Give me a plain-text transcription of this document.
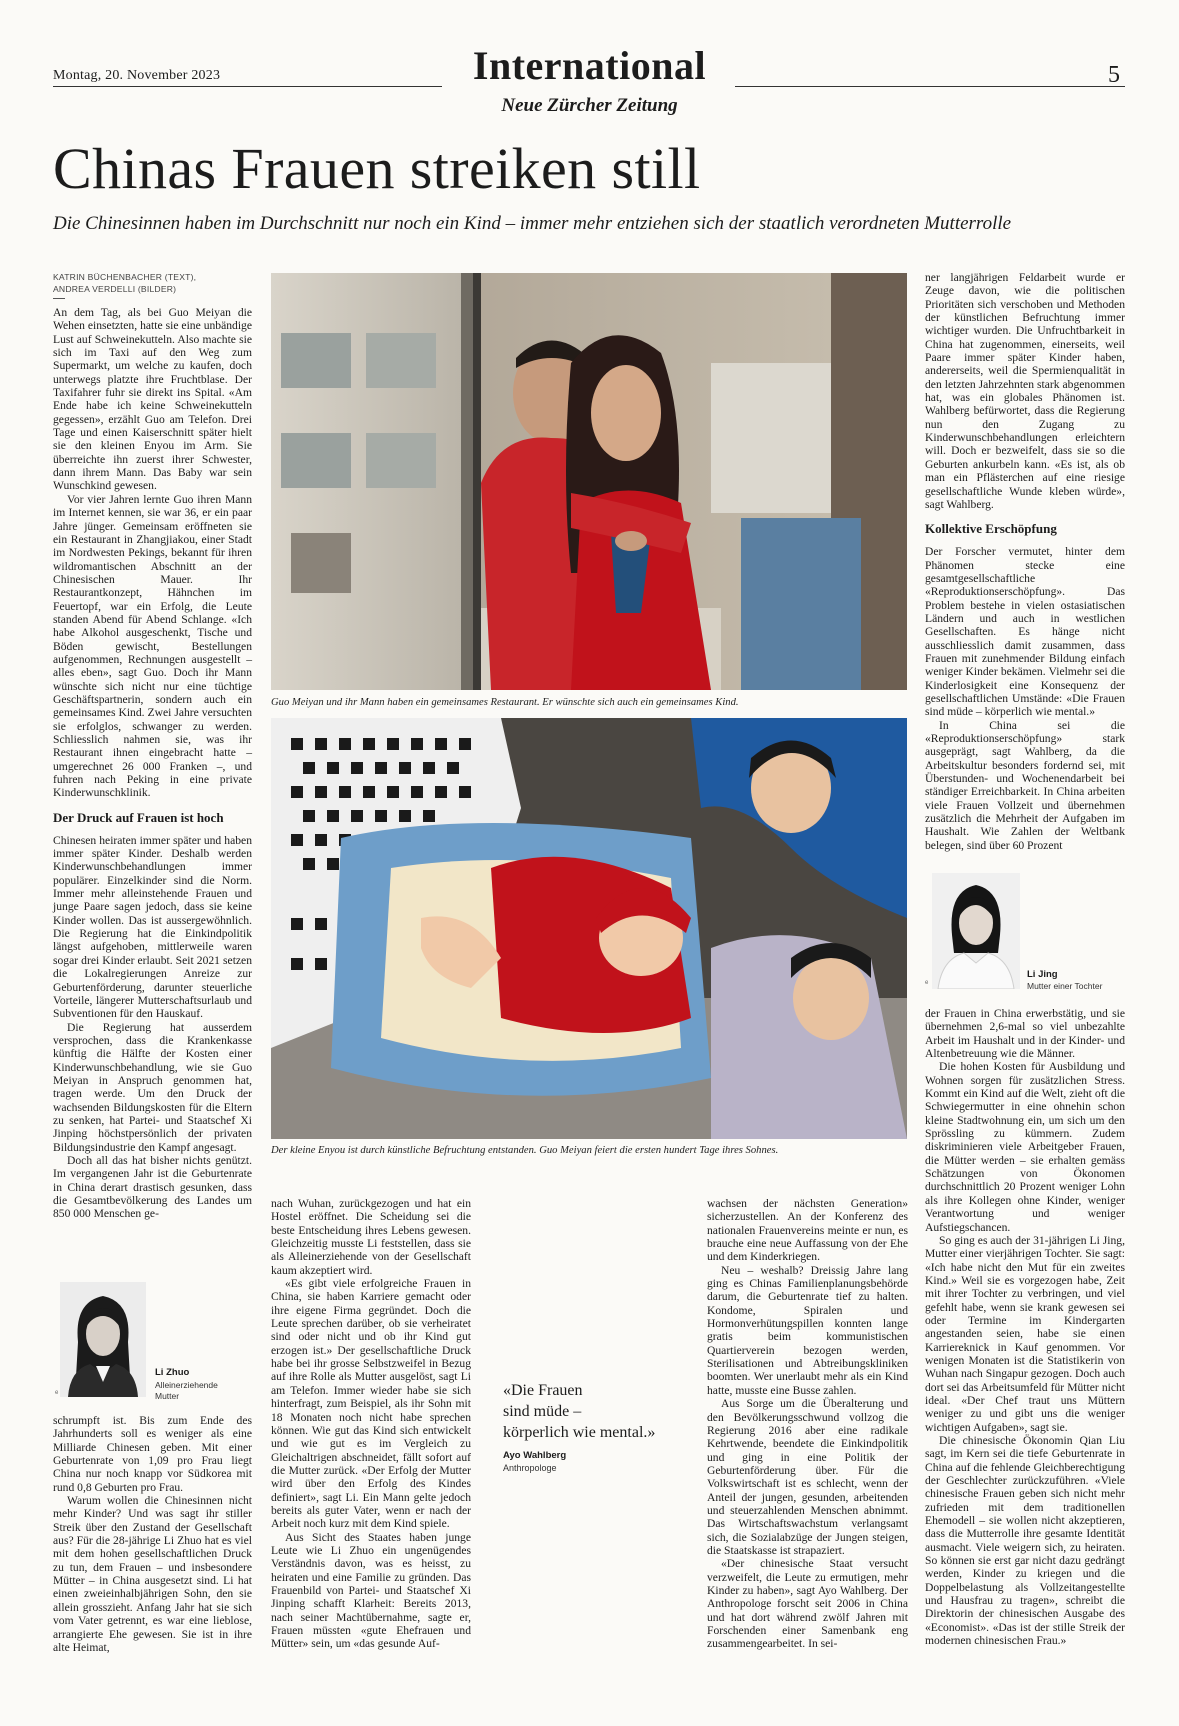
Montag, 20. November 2023	International
Neue Zürcher Zeitung
5
Chinas Frauen streiken still
Die Chinesinnen haben im Durchschnitt nur noch ein Kind – immer mehr entziehen sich der staatlich verordneten Mutterrolle
KATRIN BÜCHENBACHER (TEXT),
ANDREA VERDELLI (BILDER)

An dem Tag, als bei Guo Meiyan die Wehen einsetzten, hatte sie eine unbändige Lust auf Schweinekutteln. Also machte sie sich im Taxi auf den Weg zum Supermarkt, um welche zu kaufen, doch unterwegs platzte ihre Fruchtblase. Der Taxifahrer fuhr sie direkt ins Spital. «Am Ende habe ich keine Schweinekutteln gegessen», erzählt Guo am Telefon. Drei Tage und einen Kaiserschnitt später hielt sie den kleinen Enyou im Arm. Sie überreichte ihn zuerst ihrer Schwester, dann ihrem Mann. Das Baby war sein Wunschkind gewesen.

Vor vier Jahren lernte Guo ihren Mann im Internet kennen, sie war 36, er ein paar Jahre jünger. Gemeinsam eröffneten sie ein Restaurant in Zhangjiakou, einer Stadt im Nordwesten Pekings, bekannt für ihren wildromantischen Abschnitt an der Chinesischen Mauer. Ihr Restaurantkonzept, Hähnchen im Feuertopf, war ein Erfolg, die Leute standen Abend für Abend Schlange. «Ich habe Alkohol ausgeschenkt, Tische und Böden gewischt, Bestellungen aufgenommen, Rechnungen ausgestellt – alles eben», sagt Guo. Doch ihr Mann wünschte sich nicht nur eine tüchtige Geschäftspartnerin, sondern auch ein gemeinsames Kind. Zwei Jahre versuchten sie erfolglos, schwanger zu werden. Schliesslich nahmen sie, was ihr Restaurant ihnen eingebracht hatte – umgerechnet 26 000 Franken –, und fuhren nach Peking in eine private Kinderwunschklinik.

Der Druck auf Frauen ist hoch

Chinesen heiraten immer später und haben immer später Kinder. Deshalb werden Kinderwunschbehandlungen immer populärer. Einzelkinder sind die Norm. Immer mehr alleinstehende Frauen und junge Paare sagen jedoch, dass sie keine Kinder wollen. Das ist aussergewöhnlich. Die Regierung hat die Einkindpolitik längst aufgehoben, mittlerweile waren sogar drei Kinder erlaubt. Seit 2021 setzen die Lokalregierungen Anreize zur Geburtenförderung, darunter steuerliche Vorteile, längerer Mutterschaftsurlaub und Subventionen für den Hauskauf.

Die Regierung hat ausserdem versprochen, dass die Krankenkasse künftig die Hälfte der Kosten einer Kinderwunschbehandlung, wie sie Guo Meiyan in Anspruch genommen hat, tragen werde. Um den Druck der wachsenden Bildungskosten für die Eltern zu senken, hat Partei- und Staatschef Xi Jinping höchstpersönlich der privaten Bildungsindustrie den Kampf angesagt.

Doch all das hat bisher nichts genützt. Im vergangenen Jahr ist die Geburtenrate in China derart drastisch gesunken, dass die Gesamtbevölkerung des Landes um 850 000 Menschen ge-

e
Li Zhuo
Alleinerziehende
Mutter

schrumpft ist. Bis zum Ende des Jahrhunderts soll es weniger als eine Milliarde Chinesen geben. Mit einer Geburtenrate von 1,09 pro Frau liegt China nur noch knapp vor Südkorea mit rund 0,8 Geburten pro Frau.

Warum wollen die Chinesinnen nicht mehr Kinder? Und was sagt ihr stiller Streik über den Zustand der Gesellschaft aus? Für die 28-jährige Li Zhuo hat es viel mit dem hohen gesellschaftlichen Druck zu tun, dem Frauen – und insbesondere Mütter – in China ausgesetzt sind. Li hat einen zweieinhalbjährigen Sohn, den sie allein grosszieht. Anfang Jahr hat sie sich vom Vater getrennt, es war eine lieblose, arrangierte Ehe gewesen. Sie ist in ihre alte Heimat,

Guo Meiyan und ihr Mann haben ein gemeinsames Restaurant. Er wünschte sich auch ein gemeinsames Kind.
Der kleine Enyou ist durch künstliche Befruchtung entstanden. Guo Meiyan feiert die ersten hundert Tage ihres Sohnes.

nach Wuhan, zurückgezogen und hat ein Hostel eröffnet. Die Scheidung sei die beste Entscheidung ihres Lebens gewesen. Gleichzeitig musste Li feststellen, dass sie als Alleinerziehende von der Gesellschaft kaum akzeptiert wird.

«Es gibt viele erfolgreiche Frauen in China, sie haben Karriere gemacht oder ihre eigene Firma gegründet. Doch die Leute sprechen darüber, ob sie verheiratet sind oder nicht und ob ihr Kind gut erzogen ist.» Der gesellschaftliche Druck habe bei ihr grosse Selbstzweifel in Bezug auf ihre Rolle als Mutter ausgelöst, sagt Li am Telefon. Immer wieder habe sie sich hinterfragt, zum Beispiel, als ihr Sohn mit 18 Monaten noch nicht habe sprechen können. Wie gut das Kind sich entwickelt und wie gut es im Vergleich zu Gleichaltrigen abschneidet, fällt sofort auf die Mutter zurück. «Der Erfolg der Mutter wird über den Erfolg des Kindes definiert», sagt Li. Ein Mann gelte jedoch bereits als guter Vater, wenn er nach der Arbeit noch kurz mit dem Kind spiele.

Aus Sicht des Staates haben junge Leute wie Li Zhuo ein ungenügendes Verständnis davon, was es heisst, zu heiraten und eine Familie zu gründen. Das Frauenbild von Partei- und Staatschef Xi Jinping schafft Klarheit: Bereits 2013, nach seiner Machtübernahme, sagte er, Frauen müssten «gute Ehefrauen und Mütter» sein, um «das gesunde Auf-

«Die Frauen
sind müde –
körperlich wie mental.»
Ayo Wahlberg
Anthropologe

wachsen der nächsten Generation» sicherzustellen. An der Konferenz des nationalen Frauenvereins meinte er nun, es brauche eine neue Auffassung von der Ehe und dem Kinderkriegen.

Neu – weshalb? Dreissig Jahre lang ging es Chinas Familienplanungsbehörde darum, die Geburtenrate tief zu halten. Kondome, Spiralen und Hormonverhütungspillen konnten lange gratis beim kommunistischen Quartierverein bezogen werden, Sterilisationen und Abtreibungskliniken boomten. Wer unerlaubt mehr als ein Kind hatte, musste eine Busse zahlen.

Aus Sorge um die Überalterung und den Bevölkerungsschwund vollzog die Regierung 2016 aber eine radikale Kehrtwende, beendete die Einkindpolitik und ging in eine Politik der Geburtenförderung über. Für die Volkswirtschaft ist es schlecht, wenn der Anteil der jungen, gesunden, arbeitenden und steuerzahlenden Menschen abnimmt. Das Wirtschaftswachstum verlangsamt sich, die Sozialabzüge der Jungen steigen, die Staatskasse ist strapaziert.

«Der chinesische Staat versucht verzweifelt, die Leute zu ermutigen, mehr Kinder zu haben», sagt Ayo Wahlberg. Der Anthropologe forscht seit 2006 in China und hat dort während zwölf Jahren mit Forschenden einer Samenbank eng zusammengearbeitet. In sei-

ner langjährigen Feldarbeit wurde er Zeuge davon, wie die politischen Prioritäten sich verschoben und Methoden der künstlichen Befruchtung immer wichtiger wurden. Die Unfruchtbarkeit in China hat zugenommen, einerseits, weil Paare immer später Kinder haben, andererseits, weil die Spermienqualität in den letzten Jahrzehnten stark abgenommen hat, was ein globales Phänomen ist. Wahlberg befürwortet, dass die Regierung nun den Zugang zu Kinderwunschbehandlungen erleichtern will. Doch er bezweifelt, dass sie so die Geburten ankurbeln kann. «Es ist, als ob man ein Pflästerchen auf eine riesige gesellschaftliche Wunde kleben würde», sagt Wahlberg.

Kollektive Erschöpfung

Der Forscher vermutet, hinter dem Phänomen stecke eine gesamtgesellschaftliche «Reproduktionserschöpfung». Das Problem bestehe in vielen ostasiatischen Ländern und auch in westlichen Gesellschaften. Es hänge nicht ausschliesslich damit zusammen, dass Frauen mit zunehmender Bildung einfach weniger Kinder bekämen. Vielmehr sei die Kinderlosigkeit eine Konsequenz der gesellschaftlichen Umstände: «Die Frauen sind müde – körperlich wie mental.»

In China sei die «Reproduktionserschöpfung» stark ausgeprägt, sagt Wahlberg, da die Arbeitskultur besonders fordernd sei, mit Überstunden- und Wochenendarbeit bei ständiger Erreichbarkeit. In China arbeiten viele Frauen Vollzeit und übernehmen zusätzlich die Mehrheit der Aufgaben im Haushalt. Wie Zahlen der Weltbank belegen, sind über 60 Prozent

e
Li Jing
Mutter einer Tochter

der Frauen in China erwerbstätig, und sie übernehmen 2,6-mal so viel unbezahlte Arbeit im Haushalt und in der Kinder- und Altenbetreuung wie die Männer.

Die hohen Kosten für Ausbildung und Wohnen sorgen für zusätzlichen Stress. Kommt ein Kind auf die Welt, zieht oft die Schwiegermutter in eine ohnehin schon kleine Stadtwohnung ein, um sich um den Sprössling zu kümmern. Zudem diskriminieren viele Arbeitgeber Frauen, die Mütter werden – sie erhalten gemäss Schätzungen von Ökonomen durchschnittlich 20 Prozent weniger Lohn als ihre Kollegen ohne Kinder, weniger Verantwortung und weniger Aufstiegschancen.

So ging es auch der 31-jährigen Li Jing, Mutter einer vierjährigen Tochter. Sie sagt: «Ich habe nicht den Mut für ein zweites Kind.» Weil sie es vorgezogen habe, Zeit mit ihrer Tochter zu verbringen, und viel gefehlt habe, wenn sie krank gewesen sei oder Termine im Kindergarten angestanden seien, habe sie einen Karriereknick in Kauf genommen. Vor wenigen Monaten ist die Statistikerin von Wuhan nach Singapur gezogen. Doch auch dort sei das Arbeitsumfeld für Mütter nicht ideal. «Der Chef traut uns Müttern weniger zu und gibt uns die weniger wichtigen Aufgaben», sagt sie.

Die chinesische Ökonomin Qian Liu sagt, im Kern sei die tiefe Geburtenrate in China auf die fehlende Gleichberechtigung der Geschlechter zurückzuführen. «Viele chinesische Frauen geben sich nicht mehr zufrieden mit dem traditionellen Ehemodell – sie wollen nicht akzeptieren, dass die Mutterrolle ihre gesamte Identität ausmacht. Viele weigern sich, zu heiraten. So können sie erst gar nicht dazu gedrängt werden, Kinder zu kriegen und die Doppelbelastung als Vollzeitangestellte und Hausfrau zu tragen», schreibt die Direktorin der chinesischen Ausgabe des «Economist». «Das ist der stille Streik der modernen chinesischen Frau.»
